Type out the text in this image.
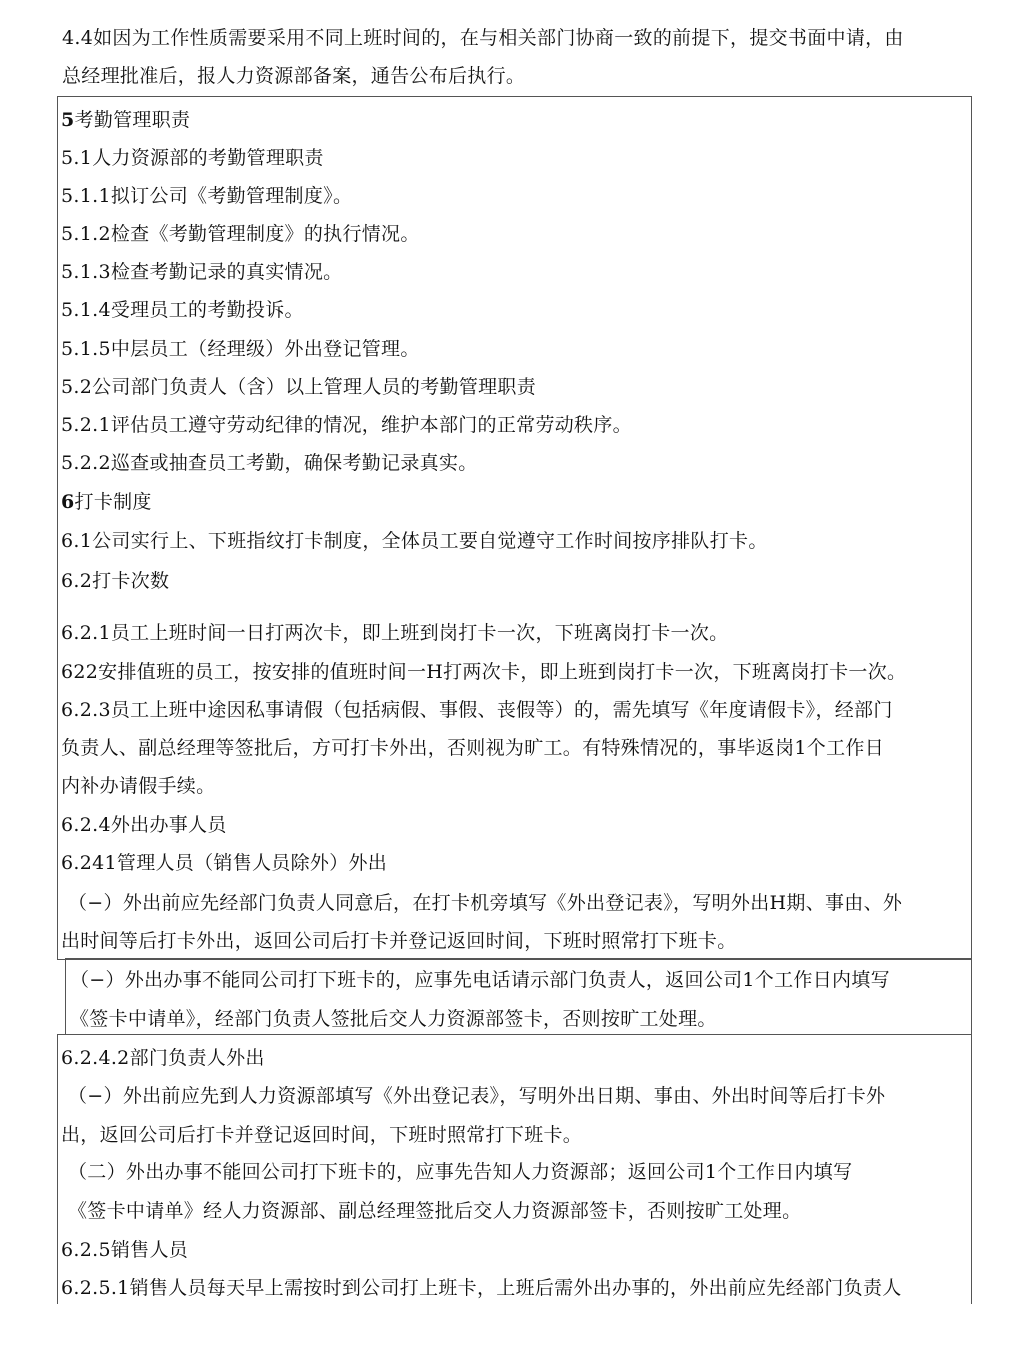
4.4如因为工作性质需要采用不同上班时间的，在与相关部门协商一致的前提下，提交书面中请，由
总经理批准后，报人力资源部备案，通告公布后执行。
5考勤管理职责
5.1人力资源部的考勤管理职责
5.1.1拟订公司《考勤管理制度》。
5.1.2检查《考勤管理制度》的执行情况。
5.1.3检查考勤记录的真实情况。
5.1.4受理员工的考勤投诉。
5.1.5中层员工（经理级）外出登记管理。
5.2公司部门负责人（含）以上管理人员的考勤管理职责
5.2.1评估员工遵守劳动纪律的情况，维护本部门的正常劳动秩序。
5.2.2巡查或抽查员工考勤，确保考勤记录真实。
6打卡制度
6.1公司实行上、下班指纹打卡制度，全体员工要自觉遵守工作时间按序排队打卡。
6.2打卡次数
6.2.1员工上班时间一日打两次卡，即上班到岗打卡一次，下班离岗打卡一次。
622安排值班的员工，按安排的值班时间一H打两次卡，即上班到岗打卡一次，下班离岗打卡一次。
6.2.3员工上班中途因私事请假（包括病假、事假、丧假等）的，需先填写《年度请假卡》，经部门
负责人、副总经理等签批后，方可打卡外出，否则视为旷工。有特殊情况的，事毕返岗1个工作日
内补办请假手续。
6.2.4外出办事人员
6.241管理人员（销售人员除外）外出
（−）外出前应先经部门负责人同意后，在打卡机旁填写《外出登记表》，写明外出H期、事由、外
出时间等后打卡外出，返回公司后打卡并登记返回时间，下班时照常打下班卡。
（−）外出办事不能同公司打下班卡的，应事先电话请示部门负责人，返回公司1个工作日内填写
《签卡中请单》，经部门负责人签批后交人力资源部签卡，否则按旷工处理。
6.2.4.2部门负责人外出
（−）外出前应先到人力资源部填写《外出登记表》，写明外出日期、事由、外出时间等后打卡外
出，返回公司后打卡并登记返回时间，下班时照常打下班卡。
（二）外出办事不能回公司打下班卡的，应事先告知人力资源部；返回公司1个工作日内填写
《签卡中请单》经人力资源部、副总经理签批后交人力资源部签卡，否则按旷工处理。
6.2.5销售人员
6.2.5.1销售人员每天早上需按时到公司打上班卡，上班后需外出办事的，外出前应先经部门负责人
